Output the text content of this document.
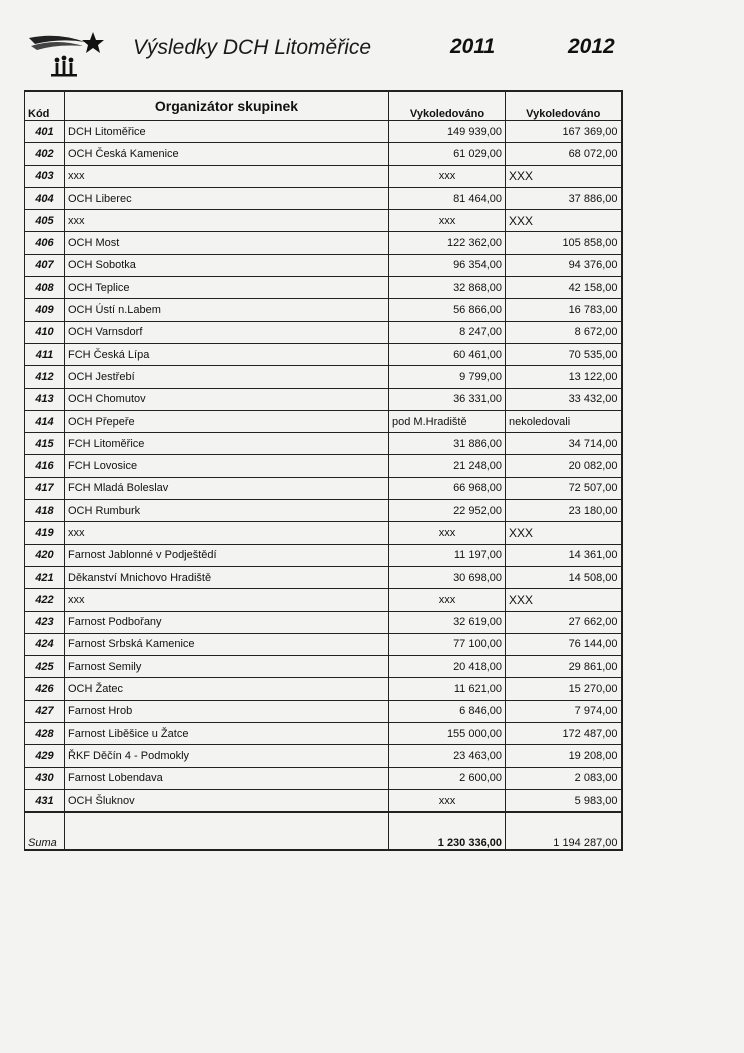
Výsledky DCH Litoměřice	2011	2012
Kód	Organizátor skupinek	Vykoledováno	Vykoledováno
401	DCH Litoměřice	149 939,00	167 369,00
402	OCH Česká Kamenice	61 029,00	68 072,00
403	xxx	xxx	XXX
404	OCH Liberec	81 464,00	37 886,00
405	xxx	xxx	XXX
406	OCH Most	122 362,00	105 858,00
407	OCH Sobotka	96 354,00	94 376,00
408	OCH Teplice	32 868,00	42 158,00
409	OCH Ústí n.Labem	56 866,00	16 783,00
410	OCH Varnsdorf	8 247,00	8 672,00
411	FCH Česká Lípa	60 461,00	70 535,00
412	OCH Jestřebí	9 799,00	13 122,00
413	OCH Chomutov	36 331,00	33 432,00
414	OCH Přepeře	pod M.Hradiště	nekoledovali
415	FCH Litoměřice	31 886,00	34 714,00
416	FCH Lovosice	21 248,00	20 082,00
417	FCH Mladá Boleslav	66 968,00	72 507,00
418	OCH Rumburk	22 952,00	23 180,00
419	xxx	xxx	XXX
420	Farnost Jablonné v Podještědí	11 197,00	14 361,00
421	Děkanství Mnichovo Hradiště	30 698,00	14 508,00
422	xxx	xxx	XXX
423	Farnost Podbořany	32 619,00	27 662,00
424	Farnost Srbská Kamenice	77 100,00	76 144,00
425	Farnost Semily	20 418,00	29 861,00
426	OCH Žatec	11 621,00	15 270,00
427	Farnost Hrob	6 846,00	7 974,00
428	Farnost Liběšice u Žatce	155 000,00	172 487,00
429	ŘKF Děčín 4 - Podmokly	23 463,00	19 208,00
430	Farnost Lobendava	2 600,00	2 083,00
431	OCH Šluknov	xxx	5 983,00
Suma		1 230 336,00	1 194 287,00
